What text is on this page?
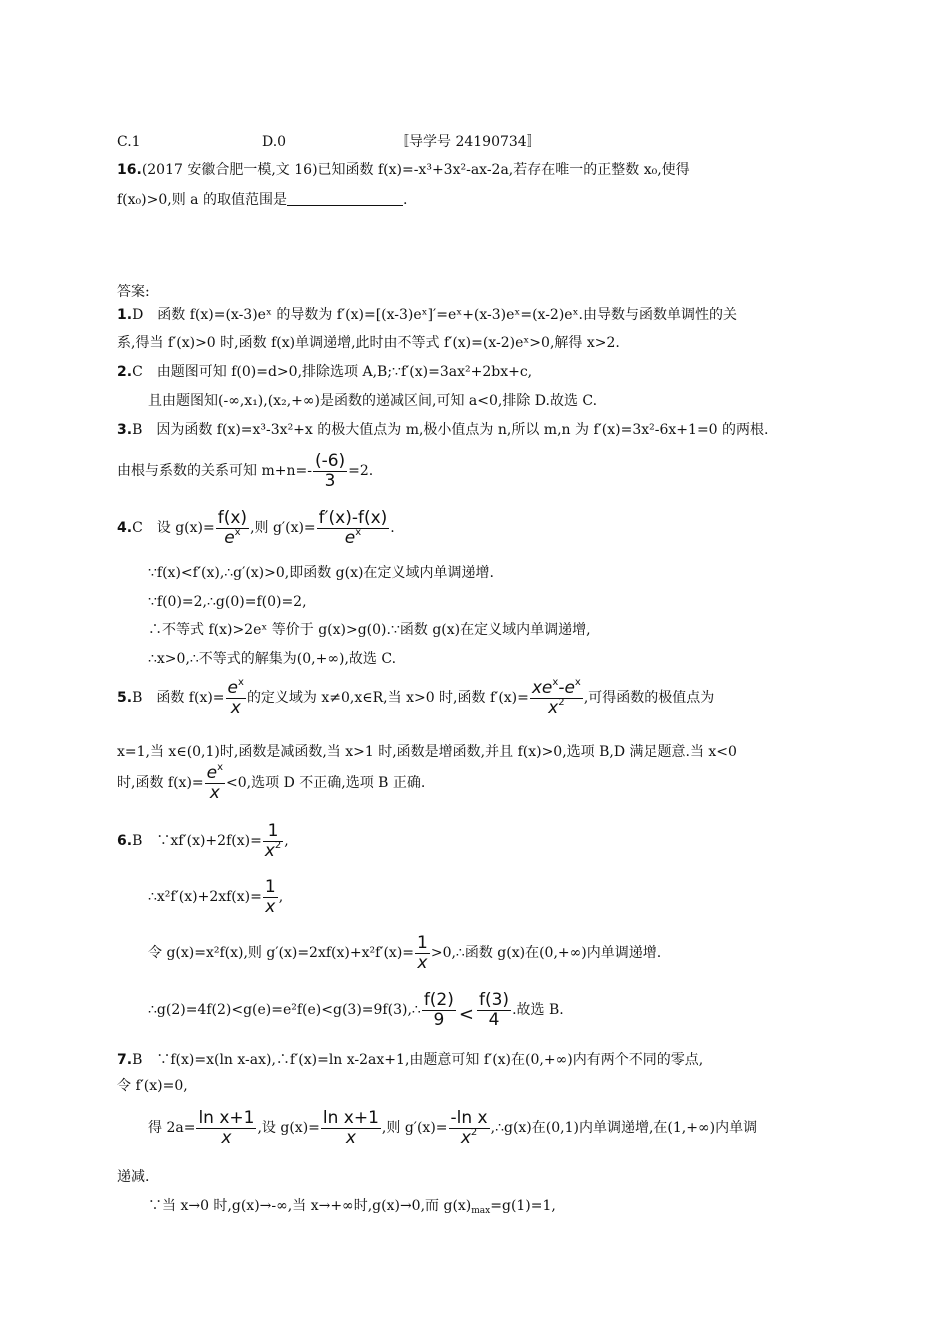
C.1	D.0	〚导学号 24190734〛
16.(2017 安徽合肥一模,文 16)已知函数 f(x)=-x³+3x²-ax-2a,若存在唯一的正整数 x₀,使得
f(x₀)>0,则 a 的取值范围是	.
答案:
1.D　函数 f(x)=(x-3)eˣ 的导数为 f′(x)=[(x-3)eˣ]′=eˣ+(x-3)eˣ=(x-2)eˣ.由导数与函数单调性的关
系,得当 f′(x)>0 时,函数 f(x)单调递增,此时由不等式 f′(x)=(x-2)eˣ>0,解得 x>2.
2.C　由题图可知 f(0)=d>0,排除选项 A,B;∵f′(x)=3ax²+2bx+c,
且由题图知(-∞,x₁),(x₂,+∞)是函数的递减区间,可知 a<0,排除 D.故选 C.
3.B　因为函数 f(x)=x³-3x²+x 的极大值点为 m,极小值点为 n,所以 m,n 为 f′(x)=3x²-6x+1=0 的两根.
由根与系数的关系可知 $m+n=- \frac{(-6)}{3} =2$.
4.C　设 $g(x)= \frac{f(x)}{e^x}$ ,则 $g'(x)= \frac{f'(x)-f(x)}{e^x}$ .
∵f(x)<f′(x),∴g′(x)>0,即函数 g(x)在定义域内单调递增.
∵f(0)=2,∴g(0)=f(0)=2,
∴不等式 f(x)>2eˣ 等价于 g(x)>g(0).∵函数 g(x)在定义域内单调递增,
∴x>0,∴不等式的解集为(0,+∞),故选 C.
5.B　函数 $f(x)= \frac{e^x}{x}$ 的定义域为 x≠0,x∈R,当 x>0 时,函数 $f'(x)= \frac{xe^x-e^x}{x^2}$ ,可得函数的极值点为
x=1,当 x∈(0,1)时,函数是减函数,当 x>1 时,函数是增函数,并且 f(x)>0,选项 B,D 满足题意.当 x<0
时,函数 $f(x)= \frac{e^x}{x} <0$,选项 D 不正确,选项 B 正确.
6.B　∵xf′(x)+2f(x)= $\frac{1}{x^2}$ ,
∴x²f′(x)+2xf(x)= $\frac{1}{x}$ ,
令 g(x)=x²f(x),则 $g'(x)=2xf(x)+x^2f'(x)= \frac{1}{x}$ >0,∴函数 g(x)在(0,+∞)内单调递增.
∴g(2)=4f(2)<g(e)=e²f(e)<g(3)=9f(3),∴ $\frac{f(2)}{9} < \frac{f(3)}{4}$ .故选 B.
7.B　∵f(x)=x(ln x-ax),∴f′(x)=ln x-2ax+1,由题意可知 f′(x)在(0,+∞)内有两个不同的零点,
令 f′(x)=0,
得 $2a= \frac{\text{ln x+1}}{x}$ ,设 $g(x)= \frac{\text{ln x+1}}{x}$ ,则 $g'(x)= \frac{\text{-ln x}}{x^2}$ ,∴g(x)在(0,1)内单调递增,在(1,+∞)内单调
递减.
∵当 x→0 时,g(x)→-∞,当 x→+∞时,g(x)→0,而 $g(x)_{max}=g(1)=1$,
